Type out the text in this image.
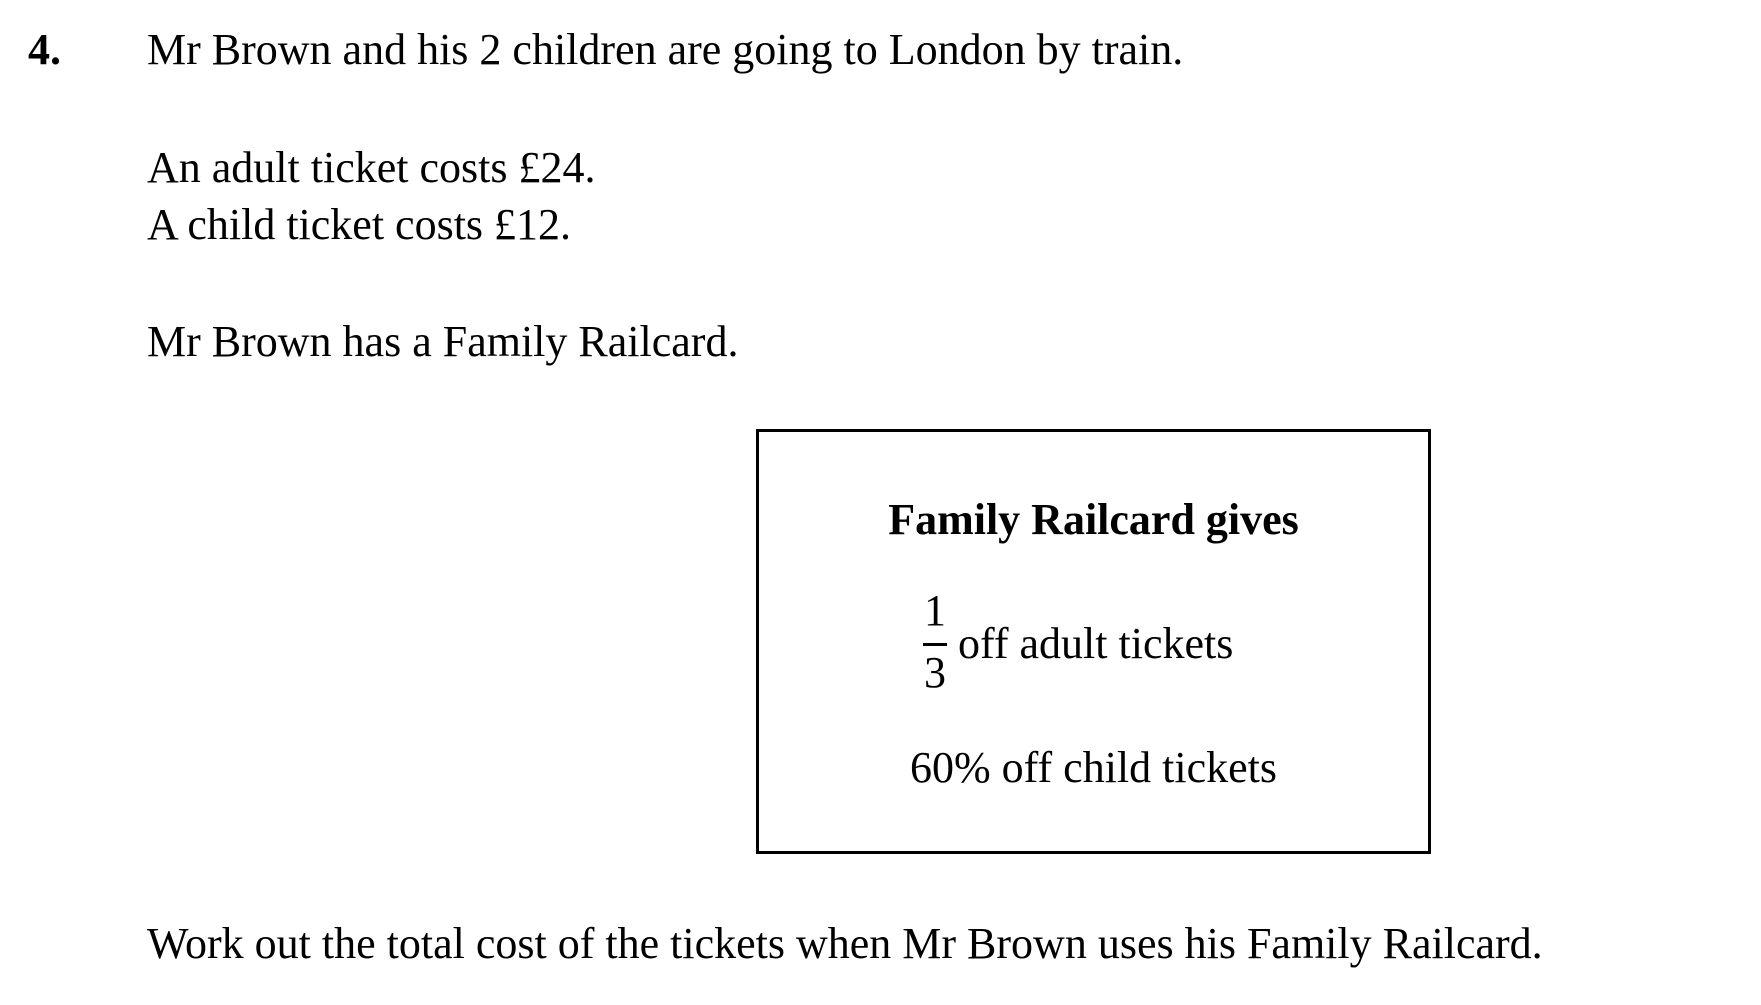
4. Mr Brown and his 2 children are going to London by train.
An adult ticket costs £24.
A child ticket costs £12.
Mr Brown has a Family Railcard.
Family Railcard gives
1
3
off adult tickets
60% off child tickets
Work out the total cost of the tickets when Mr Brown uses his Family Railcard.
